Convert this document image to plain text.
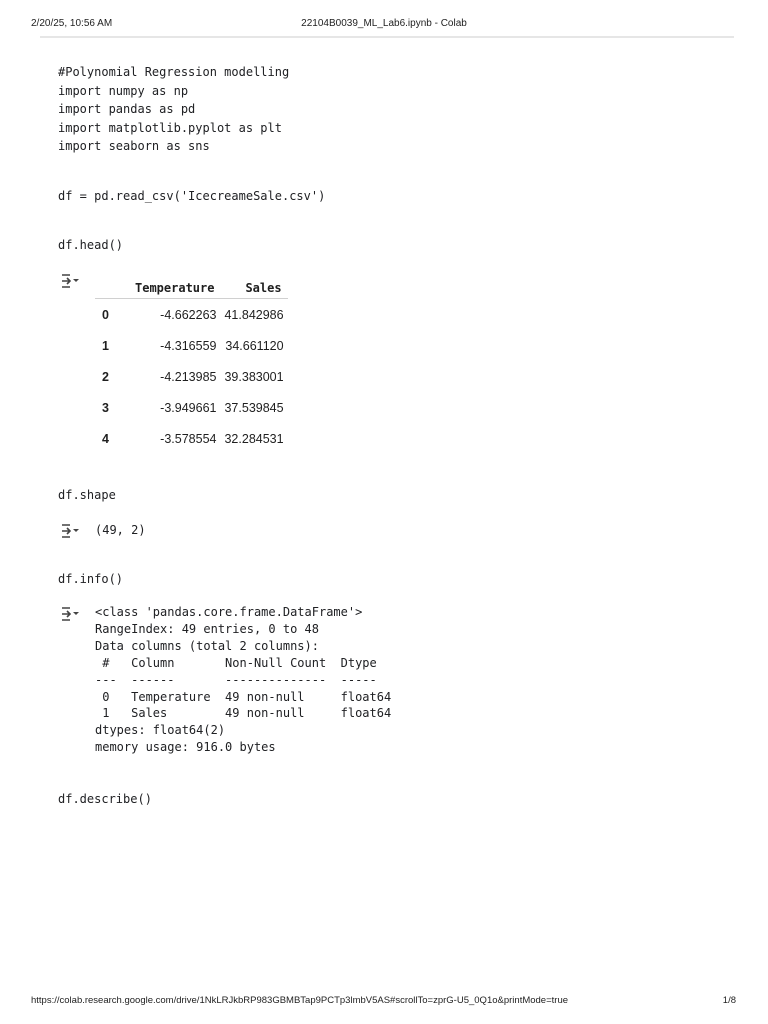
2/20/25, 10:56 AM	22104B0039_ML_Lab6.ipynb - Colab
#Polynomial Regression modelling
import numpy as np
import pandas as pd
import matplotlib.pyplot as plt
import seaborn as sns
df = pd.read_csv('IcecreameSale.csv')
df.head()
	Temperature	Sales
0	-4.662263	41.842986
1	-4.316559	34.661120
2	-4.213985	39.383001
3	-3.949661	37.539845
4	-3.578554	32.284531
df.shape
(49, 2)
df.info()
<class 'pandas.core.frame.DataFrame'>
RangeIndex: 49 entries, 0 to 48
Data columns (total 2 columns):
#   Column       Non-Null Count  Dtype
---  ------       --------------  -----
0   Temperature  49 non-null     float64
1   Sales        49 non-null     float64
dtypes: float64(2)
memory usage: 916.0 bytes
df.describe()
https://colab.research.google.com/drive/1NkLRJkbRP983GBMBTap9PCTp3lmbV5AS#scrollTo=zprG-U5_0Q1o&printMode=true	1/8
